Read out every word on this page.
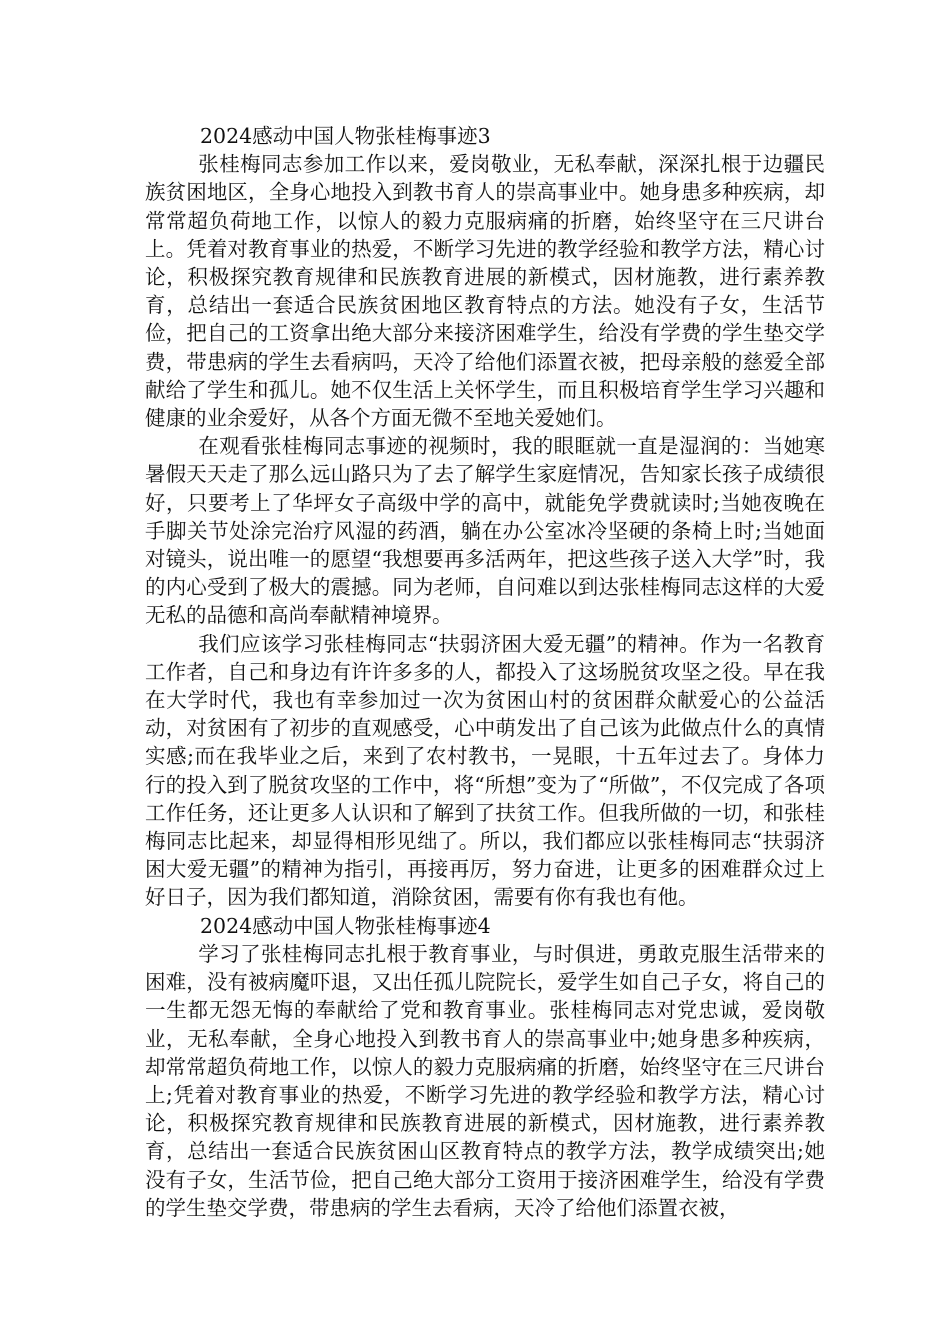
2024感动中国人物张桂梅事迹3

张桂梅同志参加工作以来，爱岗敬业，无私奉献，深深扎根于边疆民族贫困地区，全身心地投入到教书育人的崇高事业中。她身患多种疾病，却常常超负荷地工作，以惊人的毅力克服病痛的折磨，始终坚守在三尺讲台上。凭着对教育事业的热爱，不断学习先进的教学经验和教学方法，精心讨论，积极探究教育规律和民族教育进展的新模式，因材施教，进行素养教育，总结出一套适合民族贫困地区教育特点的方法。她没有子女，生活节俭，把自己的工资拿出绝大部分来接济困难学生，给没有学费的学生垫交学费，带患病的学生去看病吗，天冷了给他们添置衣被，把母亲般的慈爱全部献给了学生和孤儿。她不仅生活上关怀学生，而且积极培育学生学习兴趣和健康的业余爱好，从各个方面无微不至地关爱她们。

在观看张桂梅同志事迹的视频时，我的眼眶就一直是湿润的：当她寒暑假天天走了那么远山路只为了去了解学生家庭情况，告知家长孩子成绩很好，只要考上了华坪女子高级中学的高中，就能免学费就读时;当她夜晚在手脚关节处涂完治疗风湿的药酒，躺在办公室冰冷坚硬的条椅上时;当她面对镜头，说出唯一的愿望“我想要再多活两年，把这些孩子送入大学”时，我的内心受到了极大的震撼。同为老师，自问难以到达张桂梅同志这样的大爱无私的品德和高尚奉献精神境界。

我们应该学习张桂梅同志“扶弱济困大爱无疆”的精神。作为一名教育工作者，自己和身边有许许多多的人，都投入了这场脱贫攻坚之役。早在我在大学时代，我也有幸参加过一次为贫困山村的贫困群众献爱心的公益活动，对贫困有了初步的直观感受，心中萌发出了自己该为此做点什么的真情实感;而在我毕业之后，来到了农村教书，一晃眼，十五年过去了。身体力行的投入到了脱贫攻坚的工作中，将“所想”变为了“所做”，不仅完成了各项工作任务，还让更多人认识和了解到了扶贫工作。但我所做的一切，和张桂梅同志比起来，却显得相形见绌了。所以，我们都应以张桂梅同志“扶弱济困大爱无疆”的精神为指引，再接再厉，努力奋进，让更多的困难群众过上好日子，因为我们都知道，消除贫困，需要有你有我也有他。

2024感动中国人物张桂梅事迹4

学习了张桂梅同志扎根于教育事业，与时俱进，勇敢克服生活带来的困难，没有被病魔吓退，又出任孤儿院院长，爱学生如自己子女，将自己的一生都无怨无悔的奉献给了党和教育事业。张桂梅同志对党忠诚，爱岗敬业，无私奉献，全身心地投入到教书育人的崇高事业中;她身患多种疾病，却常常超负荷地工作，以惊人的毅力克服病痛的折磨，始终坚守在三尺讲台上;凭着对教育事业的热爱，不断学习先进的教学经验和教学方法，精心讨论，积极探究教育规律和民族教育进展的新模式，因材施教，进行素养教育，总结出一套适合民族贫困山区教育特点的教学方法，教学成绩突出;她没有子女，生活节俭，把自己绝大部分工资用于接济困难学生，给没有学费的学生垫交学费，带患病的学生去看病，天冷了给他们添置衣被，
